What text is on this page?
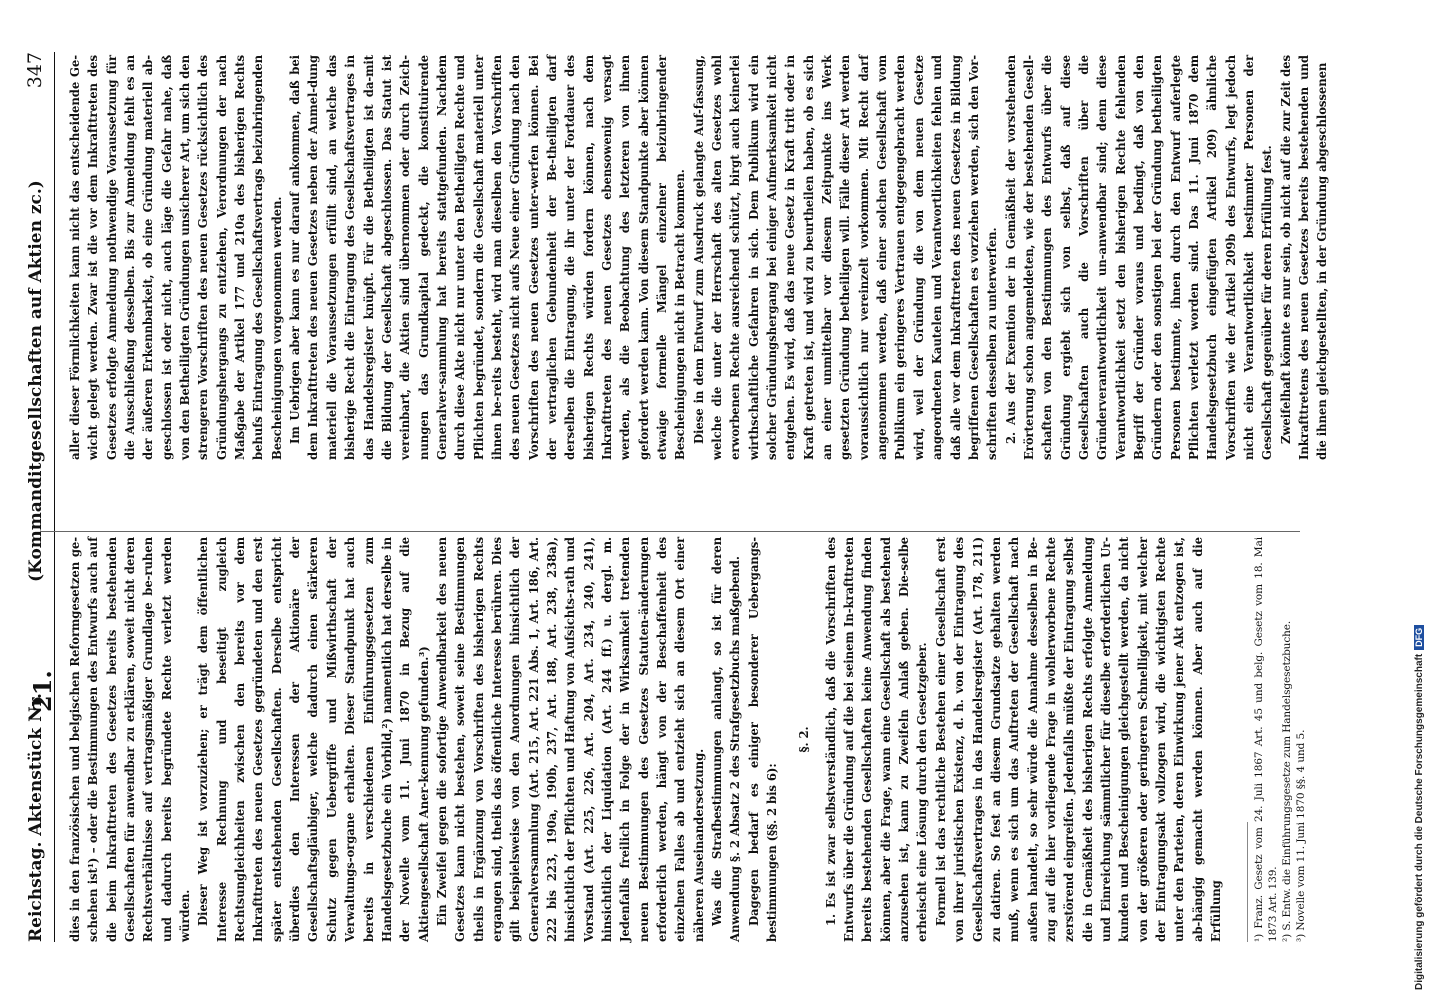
Reichstag. Aktenstück Nr.
21.
(Kommanditgesellschaften auf Aktien zc.)
347

dies in den französischen und belgischen Reformgesetzen ge-schehen ist¹) – oder die Bestimmungen des Entwurfs auch auf die beim Inkrafttreten des Gesetzes bereits bestehenden Gesellschaften für anwendbar zu erklären, soweit nicht deren Rechtsverhältnisse auf vertragsmäßiger Grundlage be-ruhen und dadurch bereits begründete Rechte verletzt werden würden. Dieser Weg ist vorzuziehen; er trägt dem öffentlichen Interesse Rechnung und beseitigt zugleich Rechtsungleichheiten zwischen den bereits vor dem Inkrafttreten des neuen Gesetzes gegründeten und den erst später entstehenden Gesellschaften. Derselbe entspricht überdies den Interessen der Aktionäre der Gesellschaftsgläubiger, welche dadurch einen stärkeren Schutz gegen Uebergriffe und Mißwirthschaft der Verwaltungs-organe erhalten. Dieser Standpunkt hat auch bereits in verschiedenen Einführungsgesetzen zum Handelsgesetzbuche ein Vorbild,²) namentlich hat derselbe in der Novelle vom 11. Juni 1870 in Bezug auf die Aktiengesellschaft Aner-kennung gefunden.³) Ein Zweifel gegen die sofortige Anwendbarkeit des neuen Gesetzes kann nicht bestehen, soweit seine Bestimmungen theils in Ergänzung von Vorschriften des bisherigen Rechts ergangen sind, theils das öffentliche Interesse berühren. Dies gilt beispielsweise von den Anordnungen hinsichtlich der Generalversammlung (Art. 215, Art. 221 Abs. 1, Art. 186, Art. 222 bis 223, 190a, 190b, 237, Art. 188, Art. 238, 238a), hinsichtlich der Pflichten und Haftung von Aufsichts-rath und Vorstand (Art. 225, 226, Art. 204, Art. 234, 240, 241), hinsichtlich der Liquidation (Art. 244 ff.) u. dergl. m. Jedenfalls freilich in Folge der in Wirksamkeit tretenden neuen Bestimmungen des Gesetzes Statuten-änderungen erforderlich werden, hängt von der Beschaffenheit des einzelnen Falles ab und entzieht sich an diesem Ort einer näheren Auseinandersetzung. Was die Strafbestimmungen anlangt, so ist für deren Anwendung §. 2 Absatz 2 des Strafgesetzbuchs maßgebend. Dagegen bedarf es einiger besonderer Uebergangs-bestimmungen (§§. 2 bis 6):

§. 2. 1. Es ist zwar selbstverständlich, daß die Vorschriften des Entwurfs über die Gründung auf die bei seinem In-krafttreten bereits bestehenden Gesellschaften keine Anwendung finden können, aber die Frage, wann eine Gesellschaft als bestehend anzusehen ist, kann zu Zweifeln Anlaß geben. Die-selbe erheischt eine Lösung durch den Gesetzgeber. Formell ist das rechtliche Bestehen einer Gesellschaft erst von ihrer juristischen Existenz, d. h. von der Eintragung des Gesellschaftsvertrages in das Handelsregister (Art. 178, 211) zu datiren. So fest an diesem Grundsatze gehalten werden muß, wenn es sich um das Auftreten der Gesellschaft nach außen handelt, so sehr würde die Annahme desselben in Be-zug auf die hier vorliegende Frage in wohlerworbene Rechte zerstörend eingreifen. Jedenfalls müßte der Eintragung selbst die in Gemäßheit des bisherigen Rechts erfolgte Anmeldung und Einreichung sämmtlicher für dieselbe erforderlichen Ur-kunden und Bescheinigungen gleichgestellt werden, da nicht von der größeren oder geringeren Schnelligkeit, mit welcher der Eintragungsakt vollzogen wird, die wichtigsten Rechte unter den Parteien, deren Einwirkung jener Akt entzogen ist, ab-hängig gemacht werden können. Aber auch auf die Erfüllung	¹) Franz. Gesetz vom 24. Juli 1867 Art. 45 und belg. Gesetz vom 18. Mai 1873 Art. 139. ²) S. Entw. die Einführungsgesetze zum Handelsgesetzbuche. ³) Novelle vom 11. Juni 1870 §§. 4 und 5.

aller dieser Förmlichkeiten kann nicht das entscheidende Ge-wicht gelegt werden. Zwar ist die vor dem Inkrafttreten des Gesetzes erfolgte Anmeldung nothwendige Voraussetzung für die Ausschließung desselben. Bis zur Anmeldung fehlt es an der äußeren Erkennbarkeit, ob eine Gründung materiell ab-geschlossen ist oder nicht, auch läge die Gefahr nahe, daß von den Betheiligten Gründungen unsicherer Art, um sich den strengeren Vorschriften des neuen Gesetzes rücksichtlich des Gründungshergangs zu entziehen, Verordnungen der nach Maßgabe der Artikel 177 und 210a des bisherigen Rechts behufs Eintragung des Gesellschaftsvertrags beizubringenden Bescheinigungen vorgenommen werden. Im Uebrigen aber kann es nur darauf ankommen, daß bei dem Inkrafttreten des neuen Gesetzes neben der Anmel-dung materiell die Voraussetzungen erfüllt sind, an welche das bisherige Recht die Eintragung des Gesellschaftsvertrages in das Handelsregister knüpft. Für die Betheiligten ist da-mit die Bildung der Gesellschaft abgeschlossen. Das Statut ist vereinbart, die Aktien sind übernommen oder durch Zeich-nungen das Grundkapital gedeckt, die konstituirende Generalver-sammlung hat bereits stattgefunden. Nachdem durch diese Akte nicht nur unter den Betheiligten Rechte und Pflichten begründet, sondern die Gesellschaft materiell unter ihnen be-reits besteht, wird man dieselben den Vorschriften des neuen Gesetzes nicht aufs Neue einer Gründung nach den Vorschriften des neuen Gesetzes unter-werfen können. Bei der vertraglichen Gebundenheit der Be-theiligten darf derselben die Eintragung, die ihr unter der Fortdauer des bisherigen Rechts würden fordern können, nach dem Inkrafttreten des neuen Gesetzes ebensowenig versagt werden, als die Beobachtung des letzteren von ihnen gefordert werden kann. Von diesem Standpunkte aber können etwaige formelle Mängel einzelner beizubringender Bescheinigungen nicht in Betracht kommen. Diese in dem Entwurf zum Ausdruck gelangte Auf-fassung, welche die unter der Herrschaft des alten Gesetzes wohl erworbenen Rechte ausreichend schützt, birgt auch keinerlei wirthschaftliche Gefahren in sich. Dem Publikum wird ein solcher Gründungshergang bei einiger Aufmerksamkeit nicht entgehen. Es wird, daß das neue Gesetz in Kraft tritt oder in Kraft getreten ist, und wird zu beurtheilen haben, ob es sich an einer unmittelbar vor diesem Zeitpunkte ins Werk gesetzten Gründung betheiligen will. Fälle dieser Art werden voraussichtlich nur vereinzelt vorkommen. Mit Recht darf angenommen werden, daß einer solchen Gesellschaft vom Publikum ein geringeres Vertrauen entgegengebracht werden wird, weil der Gründung die von dem neuen Gesetze angeordneten Kautelen und Verantwortlichkeiten fehlen und daß alle vor dem Inkrafttreten des neuen Gesetzes in Bildung begriffenen Gesellschaften es vorziehen werden, sich den Vor-schriften desselben zu unterwerfen. 2. Aus der Exemtion der in Gemäßheit der vorstehenden Erörterung schon angemeldeten, wie der bestehenden Gesell-schaften von den Bestimmungen des Entwurfs über die Gründung ergiebt sich von selbst, daß auf diese Gesellschaften auch die Vorschriften über die Gründerverantwortlichkeit un-anwendbar sind; denn diese Verantwortlichkeit setzt den bisherigen Rechte fehlenden Begriff der Gründer voraus und bedingt, daß von den Gründern oder den sonstigen bei der Gründung betheiligten Personen bestimmte, ihnen durch den Entwurf auferlegte Pflichten verletzt worden sind. Das 11. Juni 1870 dem Handelsgesetzbuch eingefügten Artikel 209) ähnliche Vorschriften wie der Artikel 209b des Entwurfs, legt jedoch nicht eine Verantwortlichkeit bestimmter Personen der Gesellschaft gegenüber für deren Erfüllung fest. Zweifelhaft könnte es nur sein, ob nicht auf die zur Zeit des Inkrafttretens des neuen Gesetzes bereits bestehenden und die ihnen gleichgestellten, in der Gründung abgeschlossenen

Digitalisierung gefördert durch die Deutsche ForschungsgemeinschaftDFG
